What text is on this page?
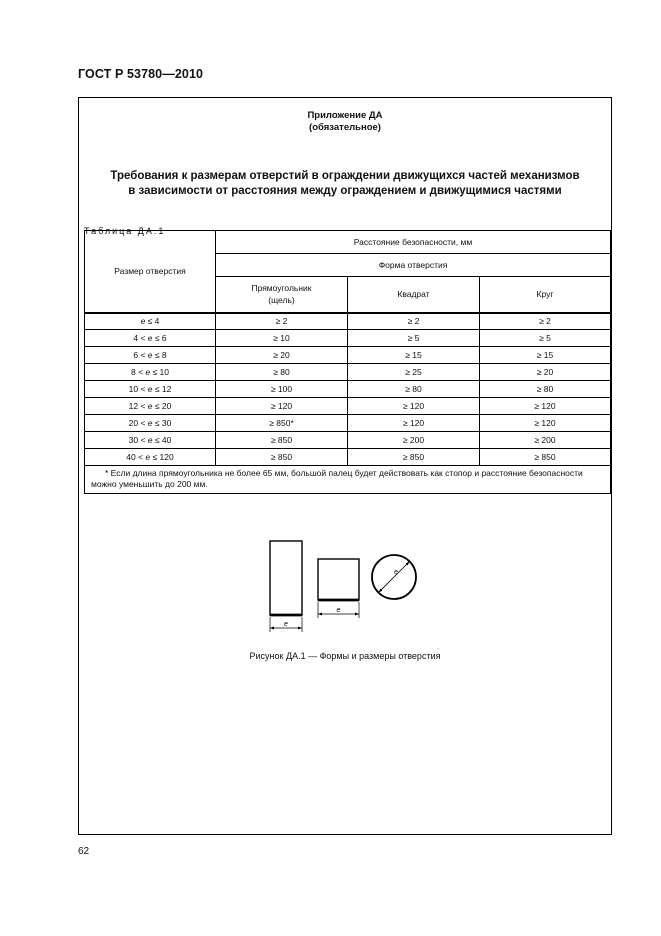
ГОСТ Р 53780—2010
Приложение ДА
(обязательное)
Требования к размерам отверстий в ограждении движущихся частей механизмов
в зависимости от расстояния между ограждением и движущимися частями
Таблица ДА.1
Размер отверстия	Расстояние безопасности, мм		
	Форма отверстия		

	Прямоугольник
(щель)	Квадрат	Круг
e ≤ 4	≥ 2	≥ 2	≥ 2
4 < e ≤ 6	≥ 10	≥ 5	≥ 5
6 < e ≤ 8	≥ 20	≥ 15	≥ 15
8 < e ≤ 10	≥ 80	≥ 25	≥ 20
10 < e ≤ 12	≥ 100	≥ 80	≥ 80
12 < e ≤ 20	≥ 120	≥ 120	≥ 120
20 < e ≤ 30	≥ 850*	≥ 120	≥ 120
30 < e ≤ 40	≥ 850	≥ 200	≥ 200
40 < e ≤ 120	≥ 850	≥ 850	≥ 850

* Если длина прямоугольника не более 65 мм, большой палец будет действовать как стопор и расстояние безопасности можно уменьшить до 200 мм.			
e
e
e
Рисунок ДА.1 — Формы и размеры отверстия
62
